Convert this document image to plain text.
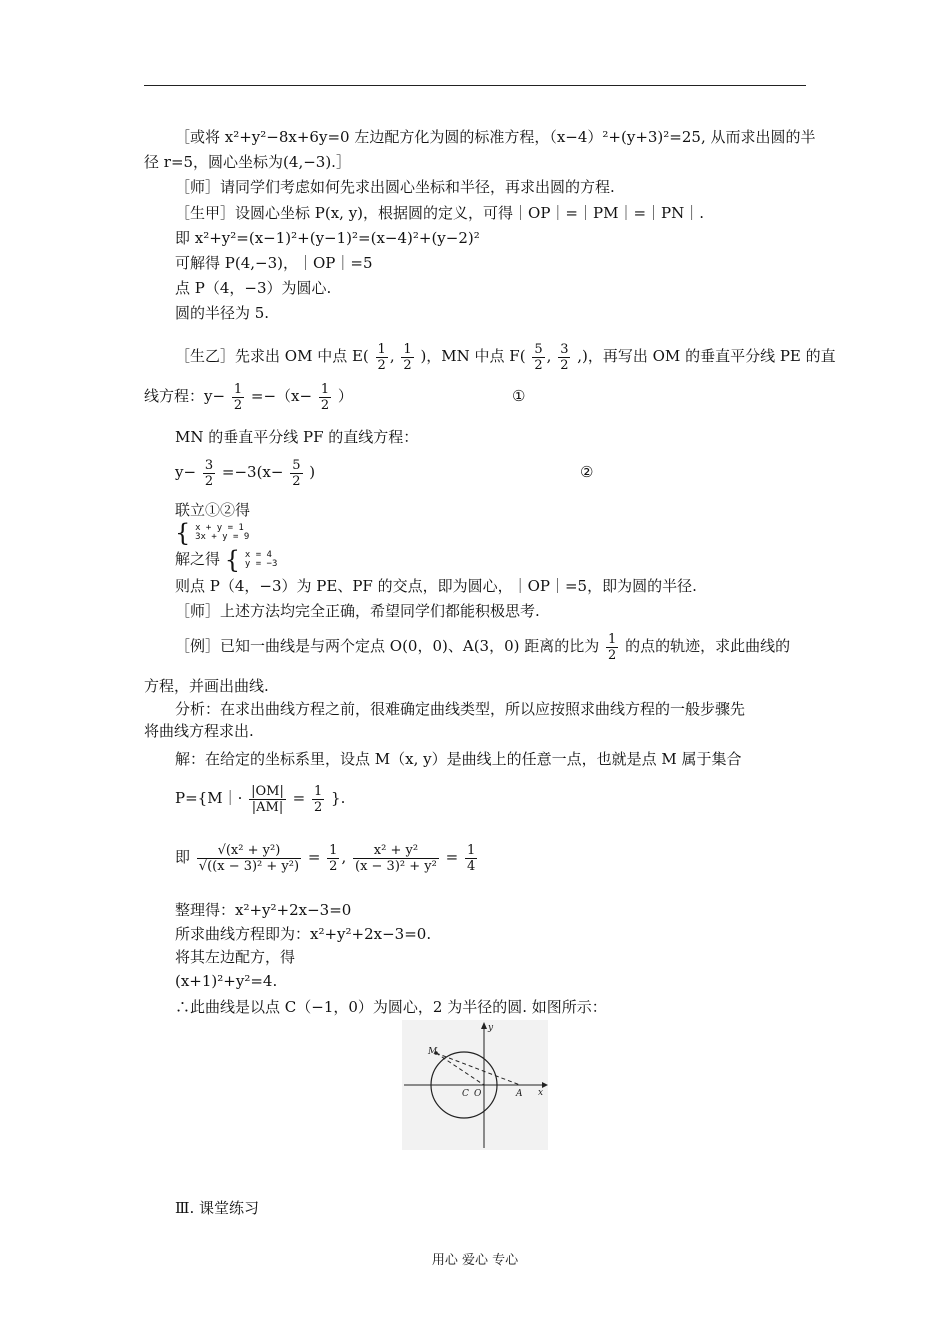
［或将 x²+y²−8x+6y=0 左边配方化为圆的标准方程，（x−4）²+(y+3)²=25, 从而求出圆的半
径 r=5，圆心坐标为(4,−3).］
［师］请同学们考虑如何先求出圆心坐标和半径，再求出圆的方程.
［生甲］设圆心坐标 P(x, y)，根据圆的定义，可得｜OP｜=｜PM｜=｜PN｜.
即 x²+y²=(x−1)²+(y−1)²=(x−4)²+(y−2)²
可解得 P(4,−3)，｜OP｜=5
点 P（4，−3）为圆心.
圆的半径为 5.
［生乙］先求出 OM 中点 $E( \frac{1}{2}$ , $\frac{1}{2}$ )，MN 中点 $F( \frac{5}{2}$ , $\frac{3}{2}$ ,)，再写出 OM 的垂直平分线 PE 的直
线方程：$y- \frac{1}{2} =-(x- \frac{1}{2}$ ）	①
MN 的垂直平分线 PF 的直线方程：
$y- \frac{3}{2} =-3(x- \frac{5}{2}$ )	②
联立①②得
{ x + y = 1
3x + y = 9
解之得 { x = 4
y = −3
则点 P（4，−3）为 PE、PF 的交点，即为圆心，｜OP｜=5，即为圆的半径.
［师］上述方法均完全正确，希望同学们都能积极思考.
［例］已知一曲线是与两个定点 O(0，0)、A(3，0) 距离的比为 $\frac{1}{2}$ 的点的轨迹，求此曲线的
方程，并画出曲线.
分析：在求出曲线方程之前，很难确定曲线类型，所以应按照求曲线方程的一般步骤先
将曲线方程求出.
解：在给定的坐标系里，设点 M（x, y）是曲线上的任意一点，也就是点 M 属于集合
P={M｜· $\frac{|OM|}{|AM|} = \frac{1}{2}$ }.
即 $\frac{\text{√(x² + y²)}}{\text{√((x − 3)² + y²)}} = \frac{1}{2}$ , $\frac{\text{x² + y²}}{\text{(x − 3)² + y²}} = \frac{1}{4}$
整理得：x²+y²+2x−3=0
所求曲线方程即为：x²+y²+2x−3=0.
将其左边配方，得
(x+1)²+y²=4.
∴此曲线是以点 C（−1，0）为圆心，2 为半径的圆. 如图所示：
y
x
M
C O	A
Ⅲ. 课堂练习
用心 爱心 专心
